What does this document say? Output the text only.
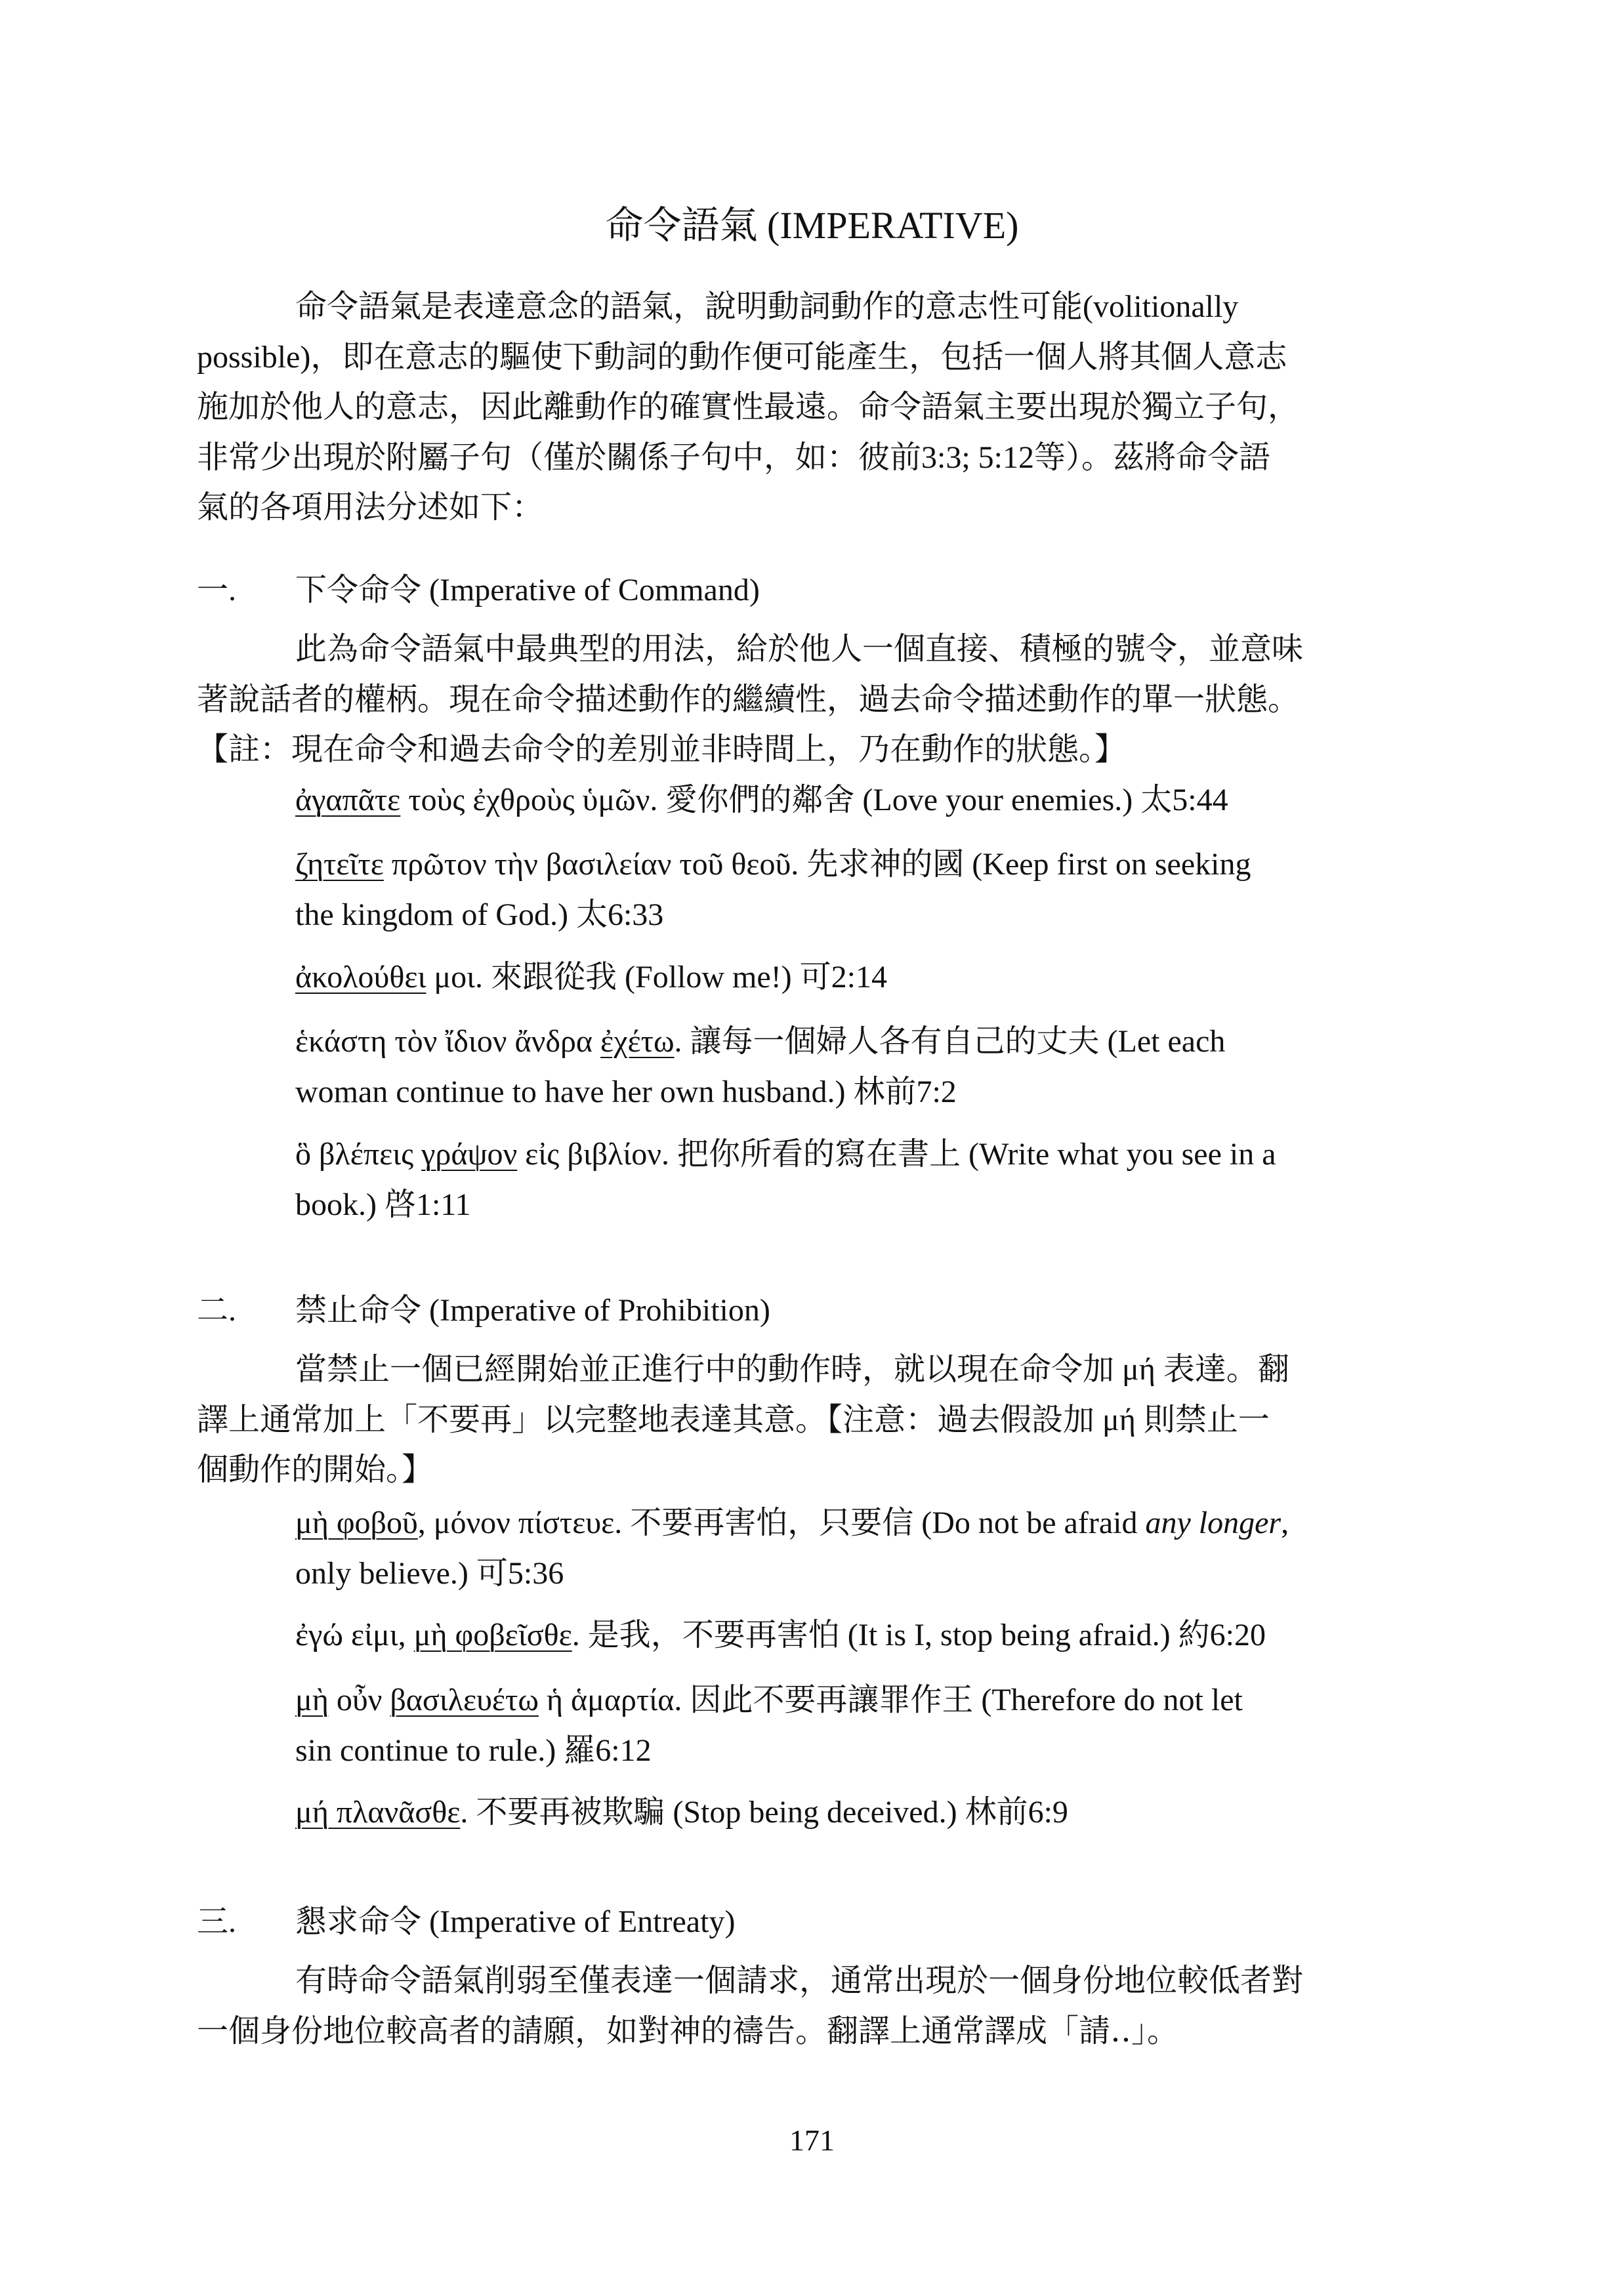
命令語氣 (IMPERATIVE)
命令語氣是表達意念的語氣，說明動詞動作的意志性可能(volitionally
possible)，即在意志的驅使下動詞的動作便可能產生，包括一個人將其個人意志
施加於他人的意志，因此離動作的確實性最遠。命令語氣主要出現於獨立子句，
非常少出現於附屬子句（僅於關係子句中，如：彼前3:3; 5:12等）。茲將命令語
氣的各項用法分述如下：
一. 下令命令 (Imperative of Command)
此為命令語氣中最典型的用法，給於他人一個直接、積極的號令，並意味
著說話者的權柄。現在命令描述動作的繼續性，過去命令描述動作的單一狀態。
【註：現在命令和過去命令的差別並非時間上，乃在動作的狀態。】
ἀγαπᾶτε τοὺς ἐχθροὺς ὑμῶν. 愛你們的鄰舍 (Love your enemies.) 太5:44
ζητεῖτε πρῶτον τὴν βασιλείαν τοῦ θεοῦ. 先求神的國 (Keep first on seeking
the kingdom of God.) 太6:33
ἀκολούθει μοι. 來跟從我 (Follow me!) 可2:14
ἑκάστη τὸν ἴδιον ἄνδρα ἐχέτω. 讓每一個婦人各有自己的丈夫 (Let each
woman continue to have her own husband.) 林前7:2
ὃ βλέπεις γράψον εἰς βιβλίον. 把你所看的寫在書上 (Write what you see in a
book.) 啓1:11
二. 禁止命令 (Imperative of Prohibition)
當禁止一個已經開始並正進行中的動作時，就以現在命令加 μή 表達。翻
譯上通常加上「不要再」以完整地表達其意。【注意：過去假設加 μή 則禁止一
個動作的開始。】
μὴ φοβοῦ, μόνον πίστευε. 不要再害怕，只要信 (Do not be afraid any longer,
only believe.) 可5:36
ἐγώ εἰμι, μὴ φοβεῖσθε. 是我，不要再害怕 (It is I, stop being afraid.) 約6:20
μὴ οὖν βασιλευέτω ἡ ἁμαρτία. 因此不要再讓罪作王 (Therefore do not let
sin continue to rule.) 羅6:12
μή πλανᾶσθε. 不要再被欺騙 (Stop being deceived.) 林前6:9
三. 懇求命令 (Imperative of Entreaty)
有時命令語氣削弱至僅表達一個請求，通常出現於一個身份地位較低者對
一個身份地位較高者的請願，如對神的禱告。翻譯上通常譯成「請‥」。
171
